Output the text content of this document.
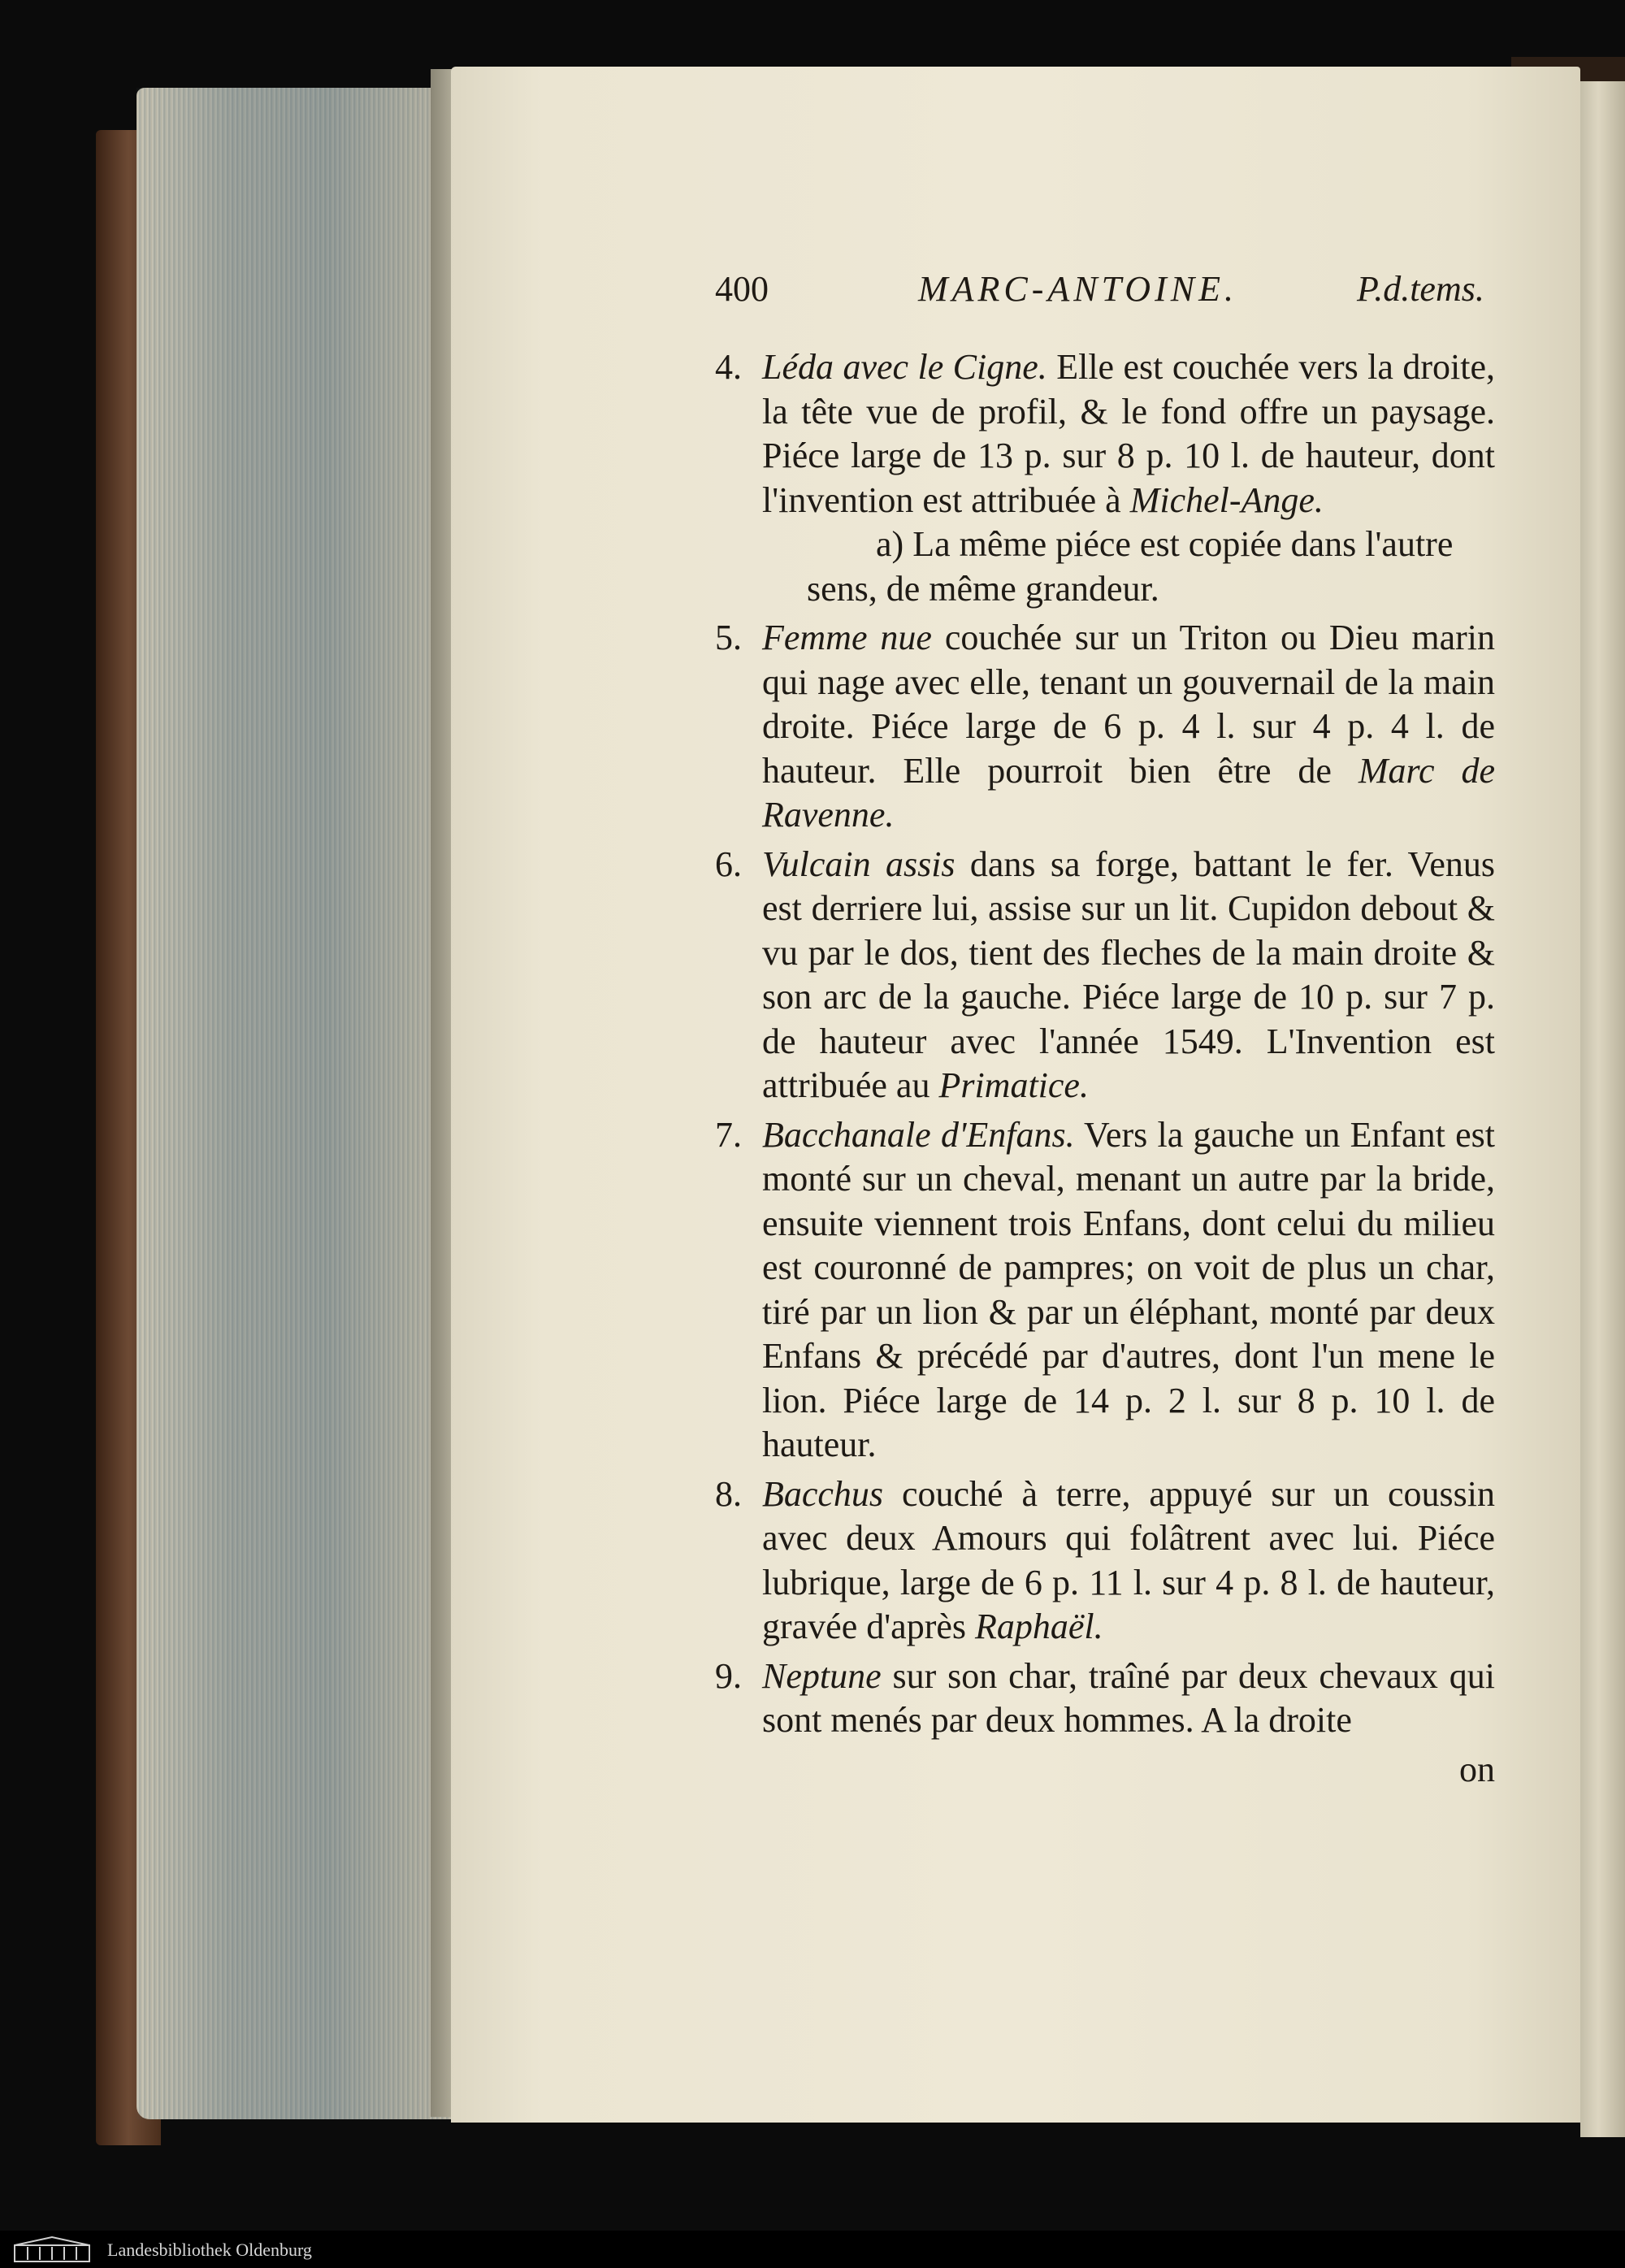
400	MARC-ANTOINE.	P.d.tems.
4. Léda avec le Cigne. Elle est couchée vers la droite, la tête vue de profil, & le fond offre un paysage. Piéce large de 13 p. sur 8 p. 10 l. de hauteur, dont l'invention est attribuée à Michel-Ange.

a) La même piéce est copiée dans l'autre

sens, de même grandeur.

5. Femme nue couchée sur un Triton ou Dieu marin qui nage avec elle, tenant un gouvernail de la main droite. Piéce large de 6 p. 4 l. sur 4 p. 4 l. de hauteur. Elle pourroit bien être de Marc de Ravenne.

6. Vulcain assis dans sa forge, battant le fer. Venus est derriere lui, assise sur un lit. Cupidon debout & vu par le dos, tient des fleches de la main droite & son arc de la gauche. Piéce large de 10 p. sur 7 p. de hauteur avec l'année 1549. L'Invention est attribuée au Primatice.

7. Bacchanale d'Enfans. Vers la gauche un Enfant est monté sur un cheval, menant un autre par la bride, ensuite viennent trois Enfans, dont celui du milieu est couronné de pampres; on voit de plus un char, tiré par un lion & par un éléphant, monté par deux Enfans & précédé par d'autres, dont l'un mene le lion. Piéce large de 14 p. 2 l. sur 8 p. 10 l. de hauteur.

8. Bacchus couché à terre, appuyé sur un coussin avec deux Amours qui folâtrent avec lui. Piéce lubrique, large de 6 p. 11 l. sur 4 p. 8 l. de hauteur, gravée d'après Raphaël.

9. Neptune sur son char, traîné par deux chevaux qui sont menés par deux hommes. A la droite

on

Landesbibliothek Oldenburg
